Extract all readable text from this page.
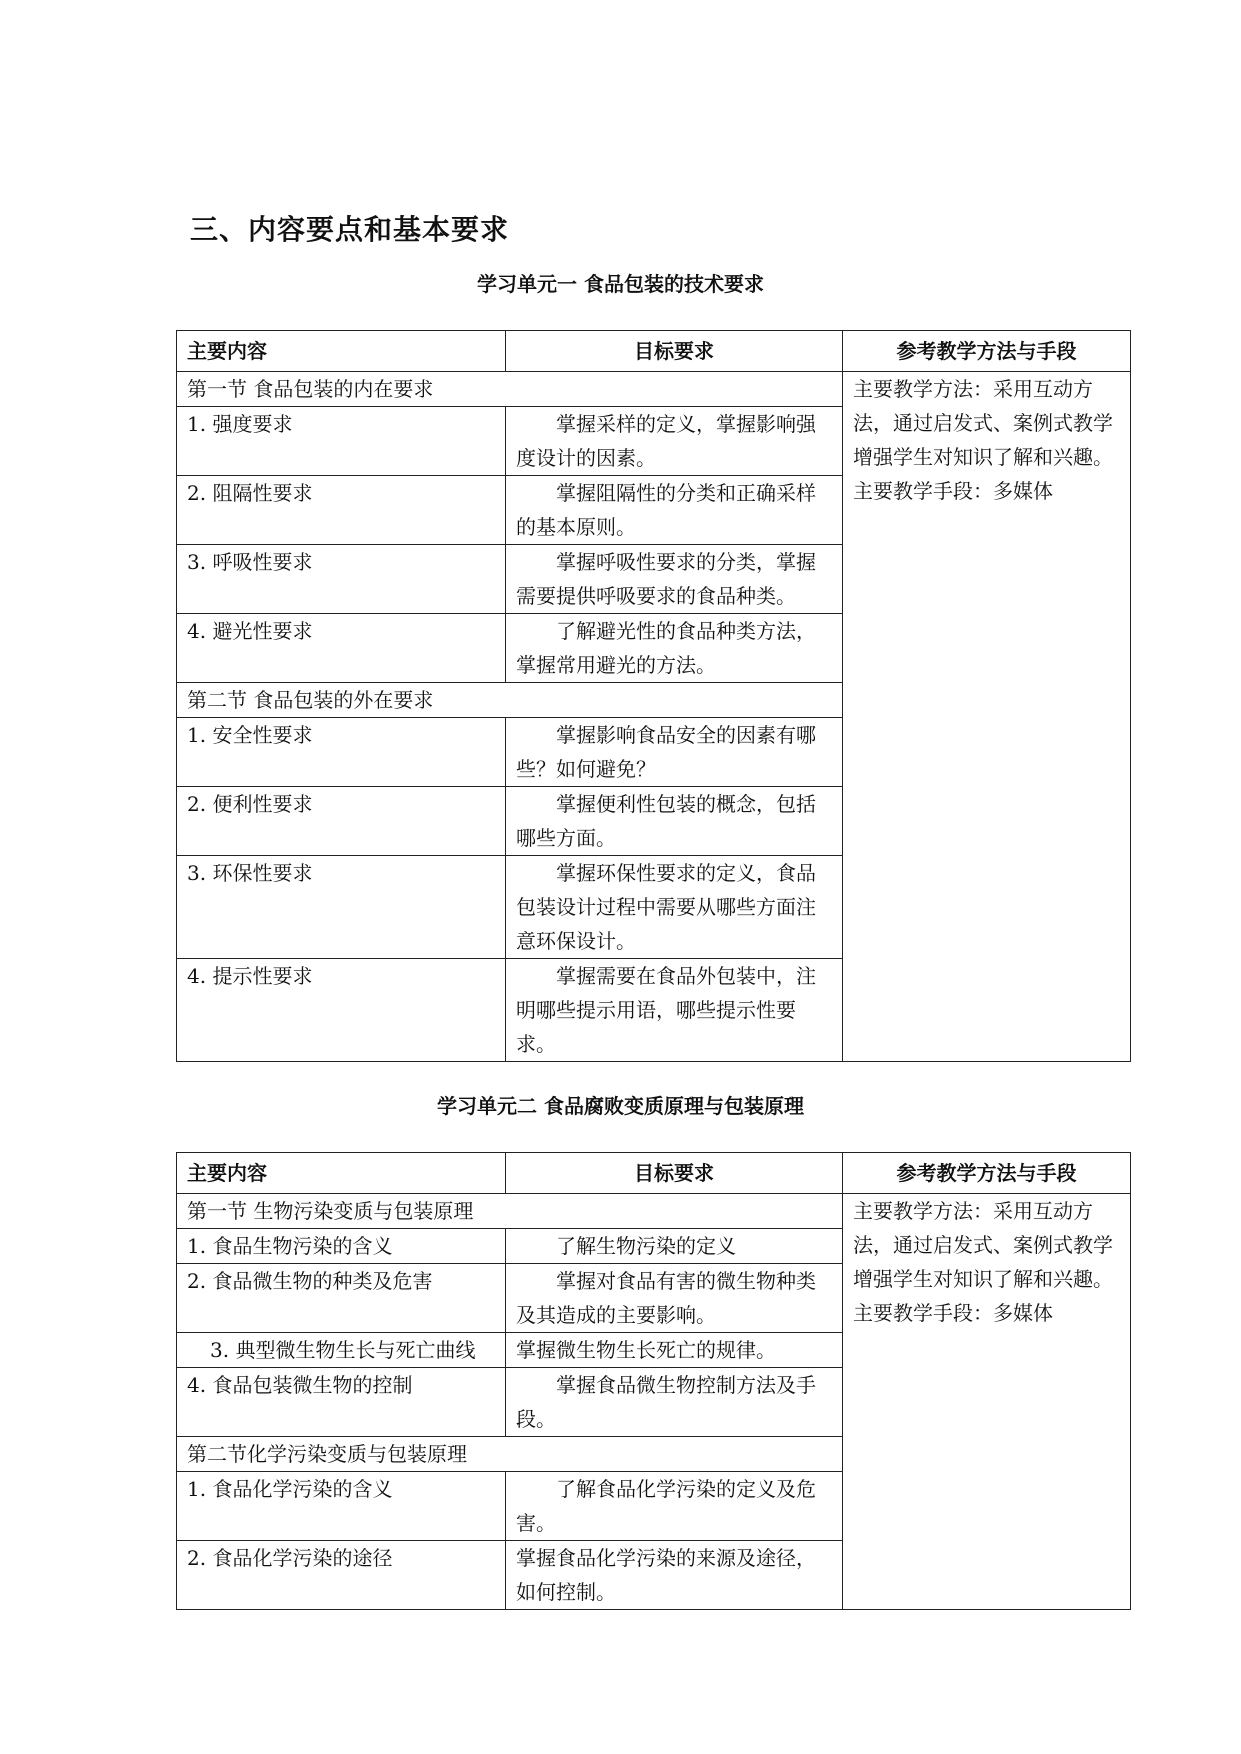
三、内容要点和基本要求
学习单元一 食品包装的技术要求
主要内容	目标要求	参考教学方法与手段
第一节 食品包装的内在要求		主要教学方法：采用互动方法，通过启发式、案例式教学增强学生对知识了解和兴趣。

主要教学手段：多媒体

1. 强度要求	掌握采样的定义，掌握影响强度设计的因素。	
2. 阻隔性要求	掌握阻隔性的分类和正确采样的基本原则。	
3. 呼吸性要求	掌握呼吸性要求的分类，掌握需要提供呼吸要求的食品种类。	
4. 避光性要求	了解避光性的食品种类方法，掌握常用避光的方法。	
第二节 食品包装的外在要求		
1. 安全性要求	掌握影响食品安全的因素有哪些？如何避免？	
2. 便利性要求	掌握便利性包装的概念，包括哪些方面。	
3. 环保性要求	掌握环保性要求的定义，食品包装设计过程中需要从哪些方面注意环保设计。	
4. 提示性要求	掌握需要在食品外包装中，注明哪些提示用语，哪些提示性要求。	
学习单元二 食品腐败变质原理与包装原理
主要内容	目标要求	参考教学方法与手段
第一节 生物污染变质与包装原理		主要教学方法：采用互动方法，通过启发式、案例式教学增强学生对知识了解和兴趣。

主要教学手段：多媒体

1. 食品生物污染的含义	了解生物污染的定义	
2. 食品微生物的种类及危害	掌握对食品有害的微生物种类及其造成的主要影响。	
3. 典型微生物生长与死亡曲线	掌握微生物生长死亡的规律。	
4. 食品包装微生物的控制	掌握食品微生物控制方法及手段。	
第二节化学污染变质与包装原理		
1. 食品化学污染的含义	了解食品化学污染的定义及危害。	
2. 食品化学污染的途径	掌握食品化学污染的来源及途径，如何控制。	
